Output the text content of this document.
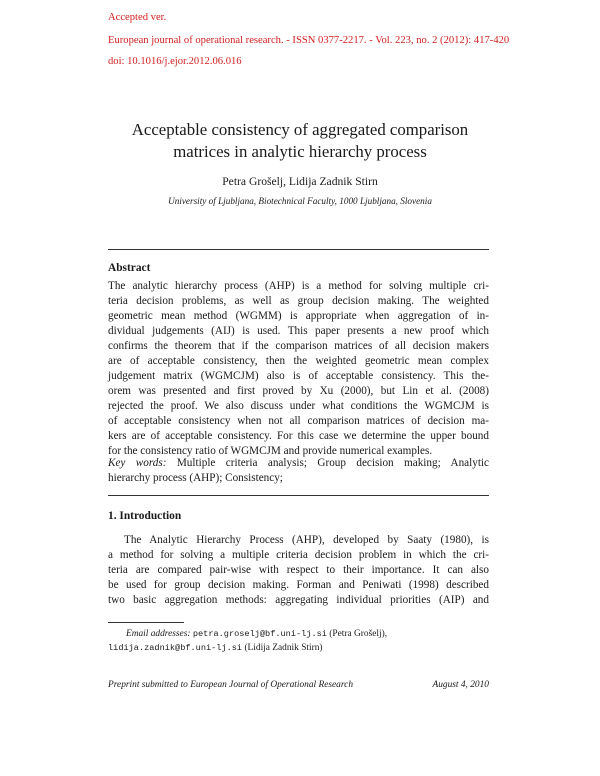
Accepted ver.
European journal of operational research. - ISSN 0377-2217. - Vol. 223, no. 2 (2012): 417-420
doi: 10.1016/j.ejor.2012.06.016
Acceptable consistency of aggregated comparison
matrices in analytic hierarchy process
Petra Grošelj, Lidija Zadnik Stirn
University of Ljubljana, Biotechnical Faculty, 1000 Ljubljana, Slovenia
Abstract
The analytic hierarchy process (AHP) is a method for solving multiple cri-
teria decision problems, as well as group decision making. The weighted
geometric mean method (WGMM) is appropriate when aggregation of in-
dividual judgements (AIJ) is used. This paper presents a new proof which
confirms the theorem that if the comparison matrices of all decision makers
are of acceptable consistency, then the weighted geometric mean complex
judgement matrix (WGMCJM) also is of acceptable consistency. This the-
orem was presented and first proved by Xu (2000), but Lin et al. (2008)
rejected the proof. We also discuss under what conditions the WGMCJM is
of acceptable consistency when not all comparison matrices of decision ma-
kers are of acceptable consistency. For this case we determine the upper bound
for the consistency ratio of WGMCJM and provide numerical examples.
Key words: Multiple criteria analysis; Group decision making; Analytic
hierarchy process (AHP); Consistency;
1. Introduction
The Analytic Hierarchy Process (AHP), developed by Saaty (1980), is
a method for solving a multiple criteria decision problem in which the cri-
teria are compared pair-wise with respect to their importance. It can also
be used for group decision making. Forman and Peniwati (1998) described
two basic aggregation methods: aggregating individual priorities (AIP) and
Email addresses: petra.groselj@bf.uni-lj.si (Petra Grošelj),
lidija.zadnik@bf.uni-lj.si (Lidija Zadnik Stirn)
Preprint submitted to European Journal of Operational Research	August 4, 2010
